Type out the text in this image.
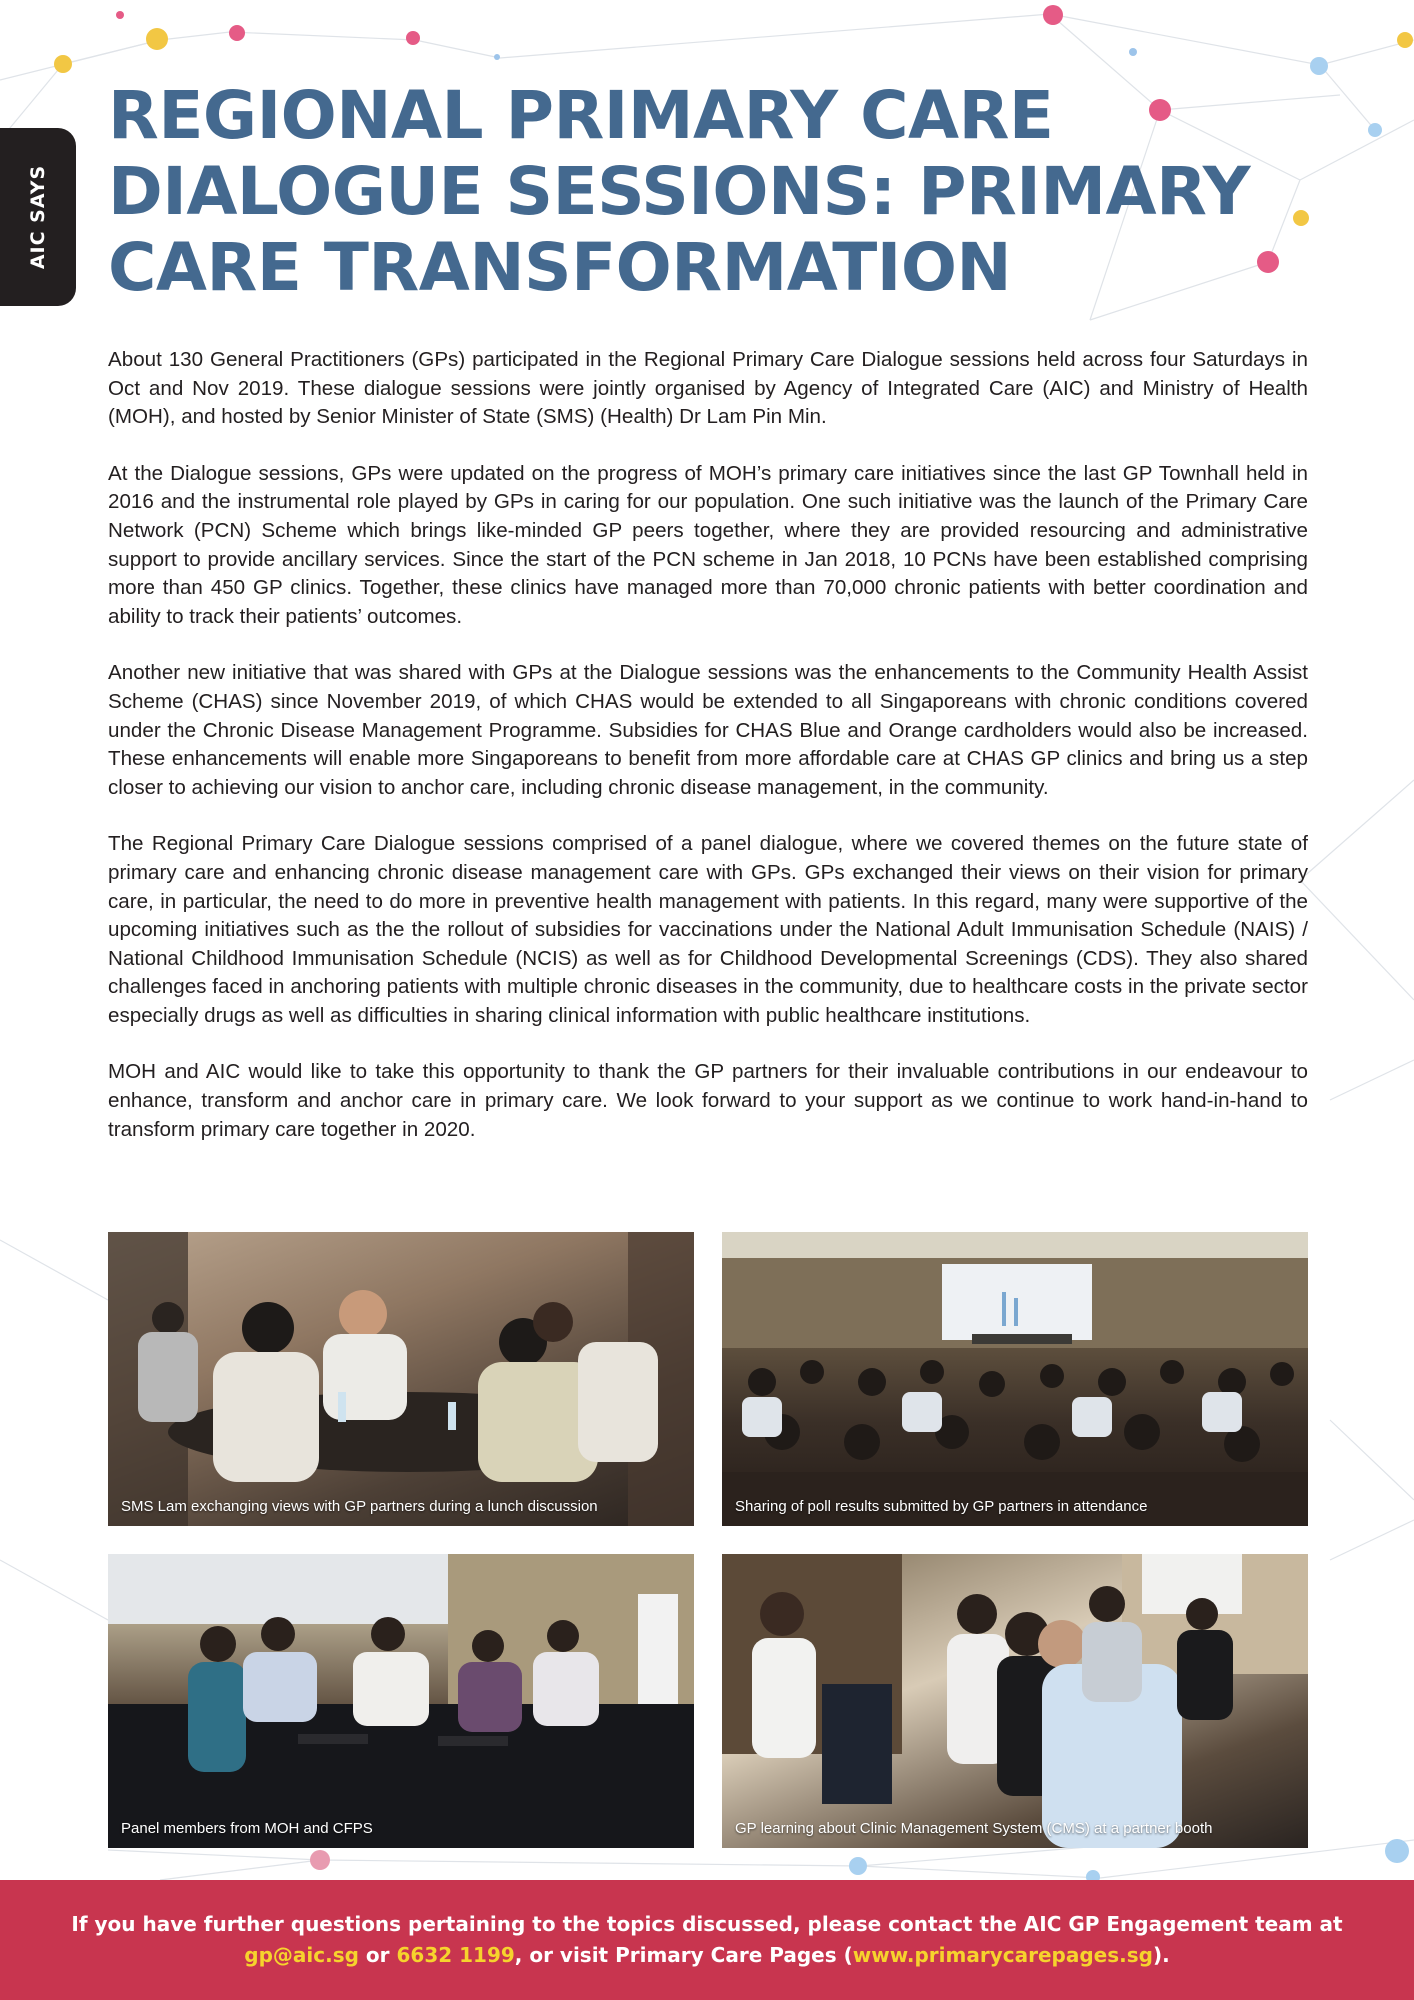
AIC SAYS
REGIONAL PRIMARY CARE
DIALOGUE SESSIONS: PRIMARY
CARE TRANSFORMATION

About 130 General Practitioners (GPs) participated in the Regional Primary Care Dialogue sessions held across four Saturdays in Oct and Nov 2019. These dialogue sessions were jointly organised by Agency of Integrated Care (AIC) and Ministry of Health (MOH), and hosted by Senior Minister of State (SMS) (Health) Dr Lam Pin Min.

At the Dialogue sessions, GPs were updated on the progress of MOH’s primary care initiatives since the last GP Townhall held in 2016 and the instrumental role played by GPs in caring for our population. One such initiative was the launch of the Primary Care Network (PCN) Scheme which brings like-minded GP peers together, where they are provided resourcing and administrative support to provide ancillary services. Since the start of the PCN scheme in Jan 2018, 10 PCNs have been established comprising more than 450 GP clinics. Together, these clinics have managed more than 70,000 chronic patients with better coordination and ability to track their patients’ outcomes.

Another new initiative that was shared with GPs at the Dialogue sessions was the enhancements to the Community Health Assist Scheme (CHAS) since November 2019, of which CHAS would be extended to all Singaporeans with chronic conditions covered under the Chronic Disease Management Programme. Subsidies for CHAS Blue and Orange cardholders would also be increased. These enhancements will enable more Singaporeans to benefit from more affordable care at CHAS GP clinics and bring us a step closer to achieving our vision to anchor care, including chronic disease management, in the community.

The Regional Primary Care Dialogue sessions comprised of a panel dialogue, where we covered themes on the future state of primary care and enhancing chronic disease management care with GPs. GPs exchanged their views on their vision for primary care, in particular, the need to do more in preventive health management with patients. In this regard, many were supportive of the upcoming initiatives such as the the rollout of subsidies for vaccinations under the National Adult Immunisation Schedule (NAIS) / National Childhood Immunisation Schedule (NCIS) as well as for Childhood Developmental Screenings (CDS). They also shared challenges faced in anchoring patients with multiple chronic diseases in the community, due to healthcare costs in the private sector especially drugs as well as difficulties in sharing clinical information with public healthcare institutions.

MOH and AIC would like to take this opportunity to thank the GP partners for their invaluable contributions in our endeavour to enhance, transform and anchor care in primary care. We look forward to your support as we continue to work hand-in-hand to transform primary care together in 2020.

SMS Lam exchanging views with GP partners during a lunch discussion	Sharing of poll results submitted by GP partners in attendance
Panel members from MOH and CFPS	GP learning about Clinic Management System (CMS) at a partner booth
If you have further questions pertaining to the topics discussed, please contact the AIC GP Engagement team at
gp@aic.sg or 6632 1199, or visit Primary Care Pages (www.primarycarepages.sg).
